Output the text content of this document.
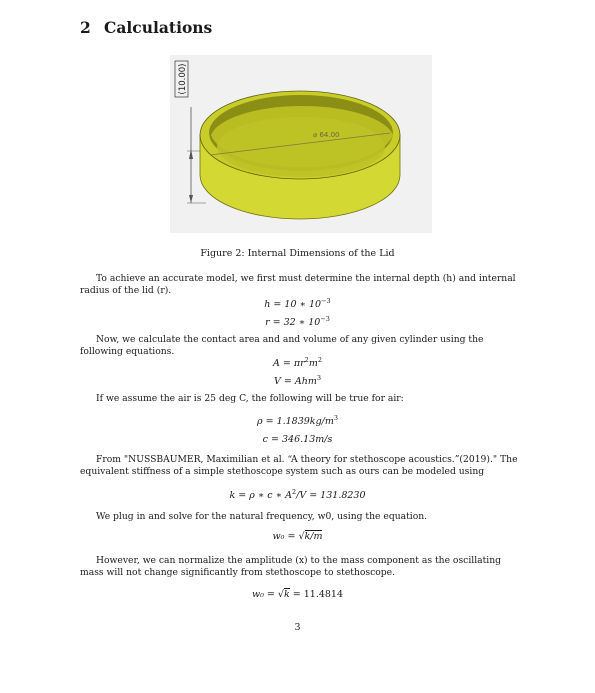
2 Calculations
(10.00)
⌀ 64.00
Figure 2: Internal Dimensions of the Lid
To achieve an accurate model, we first must determine the internal depth (h) and internal radius of the lid (r).
h = 10 ∗ $10^{-3}$
r = 32 ∗ $10^{-3}$
Now, we calculate the contact area and and volume of any given cylinder using the following equations.
$A = \pi r^2m^2$
V = Ahm$^3$
If we assume the air is 25 deg C, the following will be true for air:
$\rho = 1.1839kg/m^3$
c = 346.13m/s
From "NUSSBAUMER, Maximilian et al. “A theory for stethoscope acoustics.”(2019)." The equivalent stiffness of a simple stethoscope system such as ours can be modeled using
k = ρ ∗ c ∗ $A^2/V = 131.8230$
We plug in and solve for the natural frequency, w0, using the equation.
w₀ = √k/m
However, we can normalize the amplitude (x) to the mass component as the oscillating mass will not change significantly from stethoscope to stethoscope.
w₀ = √k = 11.4814
3
